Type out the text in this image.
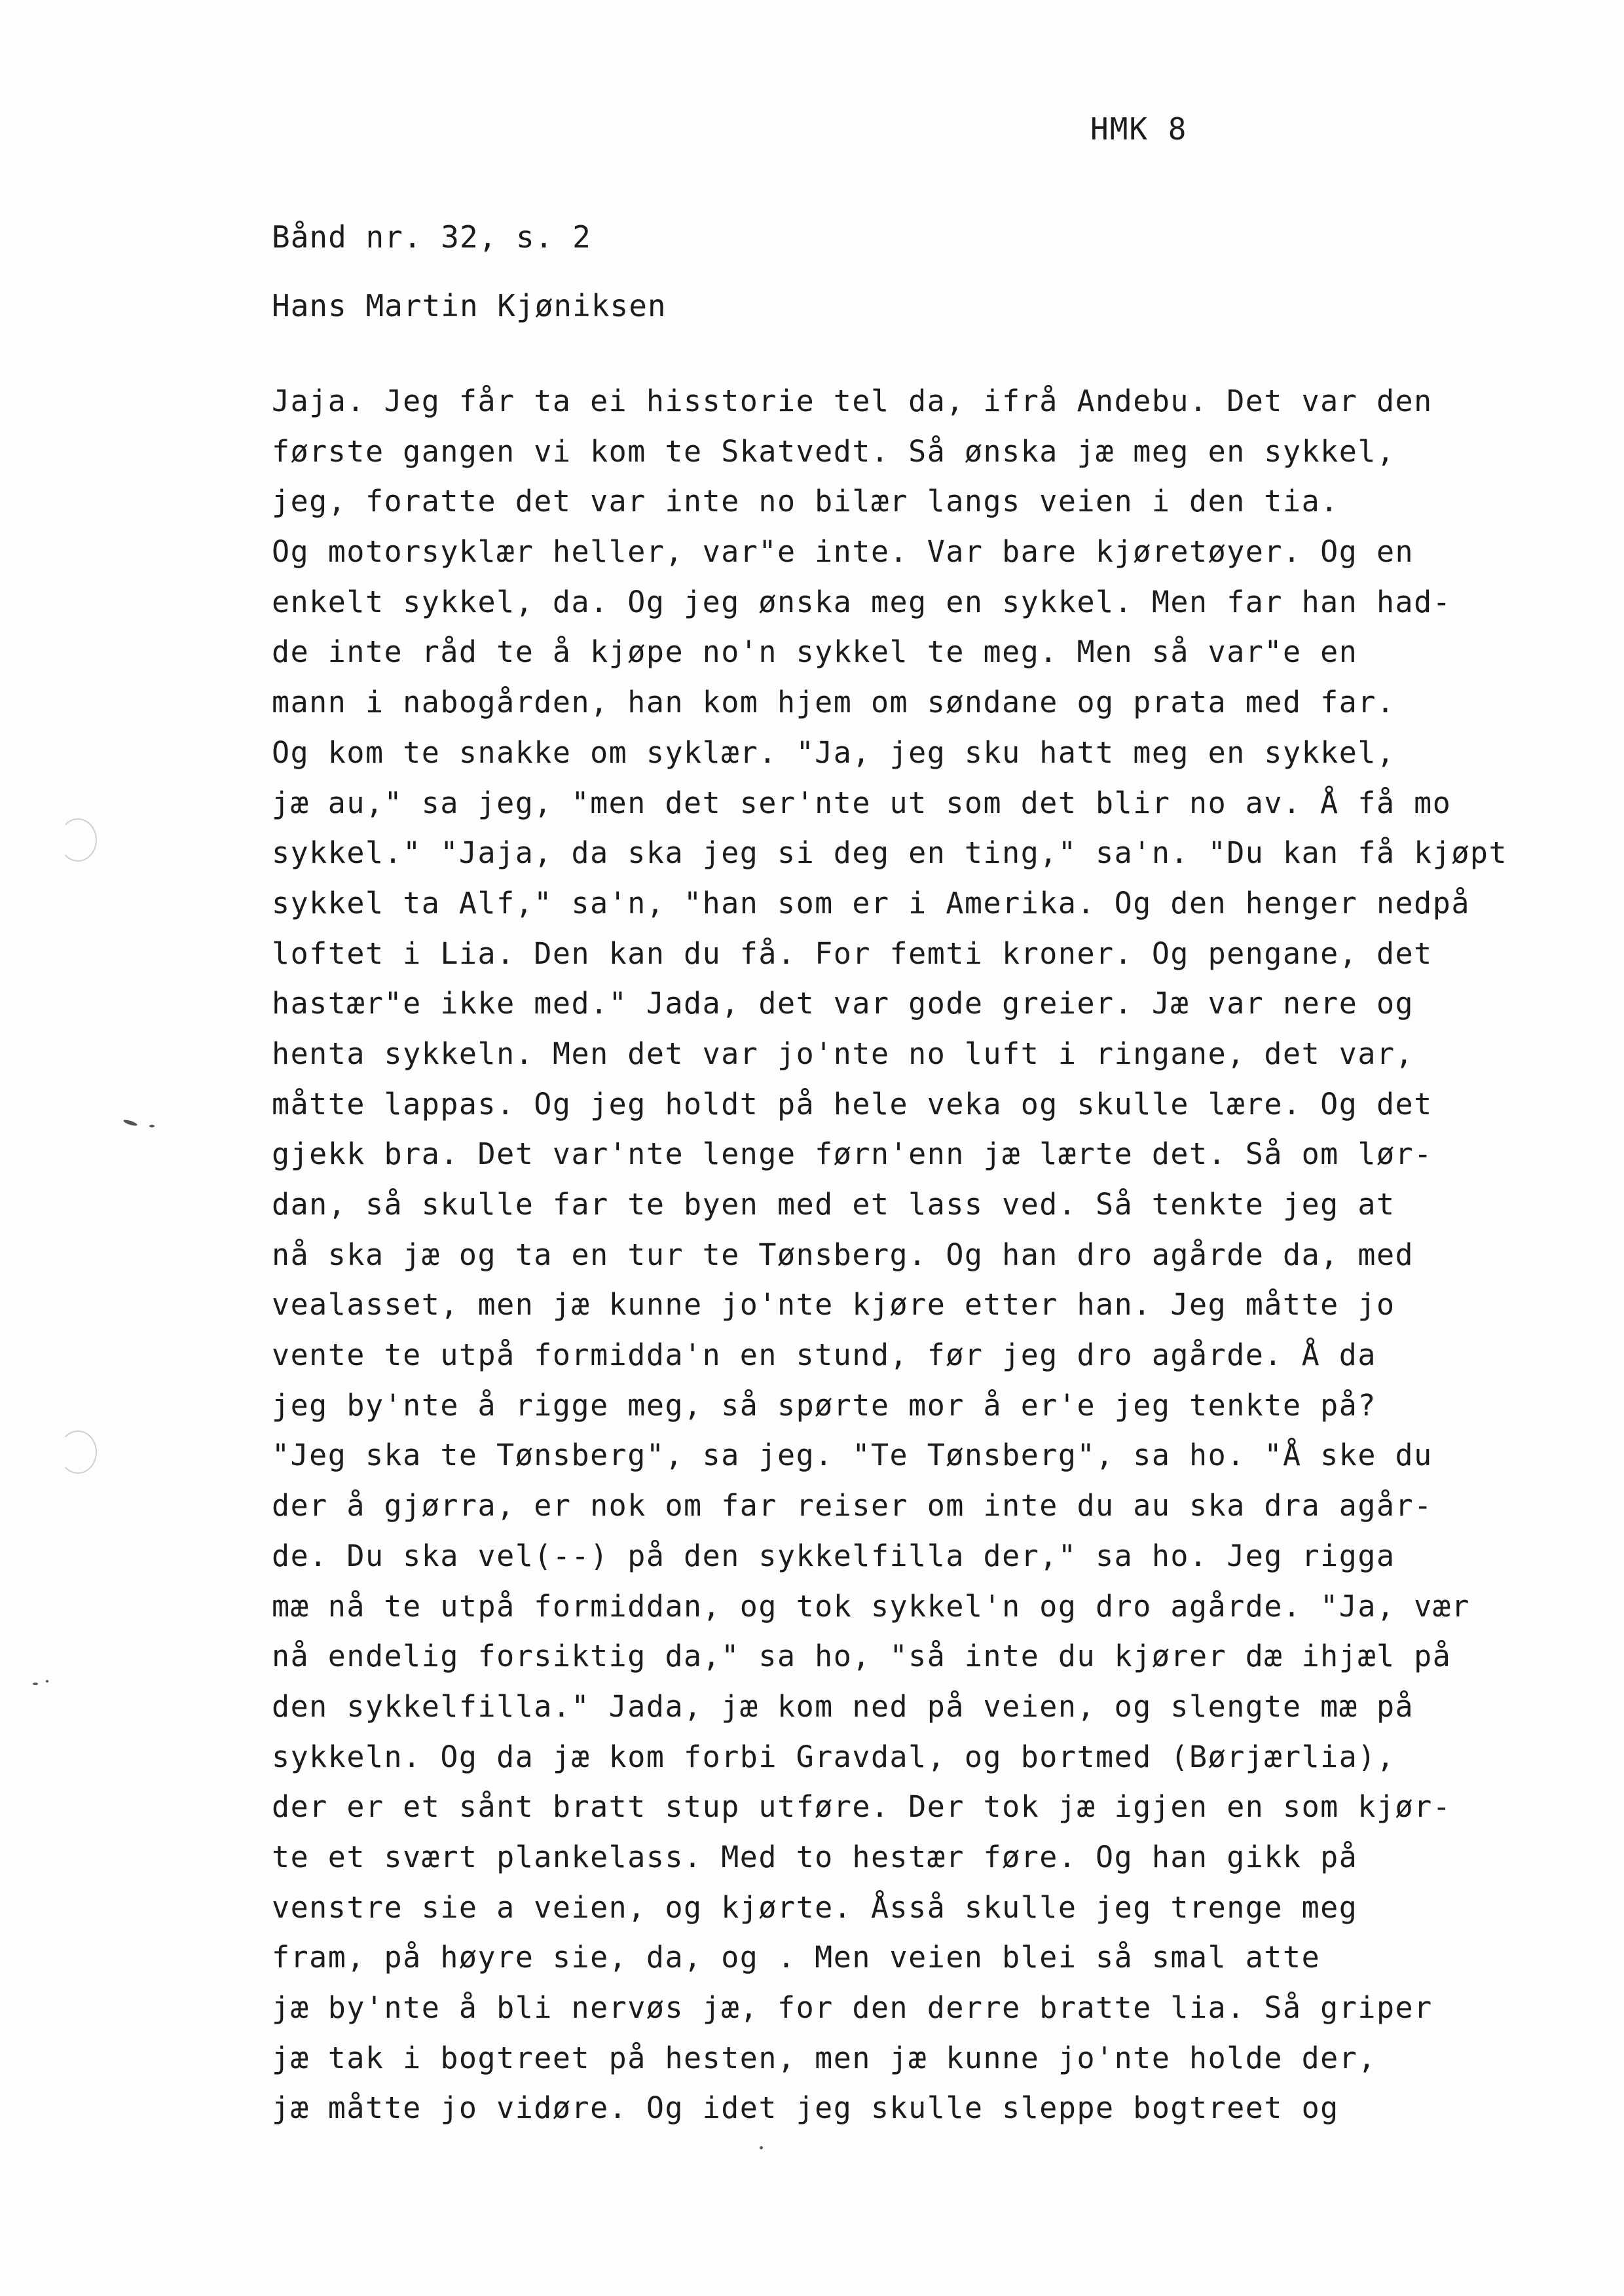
HMK 8
Bånd nr. 32, s. 2
Hans Martin Kjøniksen
Jaja. Jeg får ta ei hisstorie tel da, ifrå Andebu. Det var den
første gangen vi kom te Skatvedt. Så ønska jæ meg en sykkel,
jeg, foratte det var inte no bilær langs veien i den tia.
Og motorsyklær heller, var"e inte. Var bare kjøretøyer. Og en
enkelt sykkel, da. Og jeg ønska meg en sykkel. Men far han had-
de inte råd te å kjøpe no'n sykkel te meg. Men så var"e en
mann i nabogården, han kom hjem om søndane og prata med far.
Og kom te snakke om syklær. "Ja, jeg sku hatt meg en sykkel,
jæ au," sa jeg, "men det ser'nte ut som det blir no av. Å få mo
sykkel." "Jaja, da ska jeg si deg en ting," sa'n. "Du kan få kjøpt
sykkel ta Alf," sa'n, "han som er i Amerika. Og den henger nedpå
loftet i Lia. Den kan du få. For femti kroner. Og pengane, det
hastær"e ikke med." Jada, det var gode greier. Jæ var nere og
henta sykkeln. Men det var jo'nte no luft i ringane, det var,
måtte lappas. Og jeg holdt på hele veka og skulle lære. Og det
gjekk bra. Det var'nte lenge førn'enn jæ lærte det. Så om lør-
dan, så skulle far te byen med et lass ved. Så tenkte jeg at
nå ska jæ og ta en tur te Tønsberg. Og han dro agårde da, med
vealasset, men jæ kunne jo'nte kjøre etter han. Jeg måtte jo
vente te utpå formidda'n en stund, før jeg dro agårde. Å da
jeg by'nte å rigge meg, så spørte mor å er'e jeg tenkte på?
"Jeg ska te Tønsberg", sa jeg. "Te Tønsberg", sa ho. "Å ske du
der å gjørra, er nok om far reiser om inte du au ska dra agår-
de. Du ska vel(--) på den sykkelfilla der," sa ho. Jeg rigga
mæ nå te utpå formiddan, og tok sykkel'n og dro agårde. "Ja, vær
nå endelig forsiktig da," sa ho, "så inte du kjører dæ ihjæl på
den sykkelfilla." Jada, jæ kom ned på veien, og slengte mæ på
sykkeln. Og da jæ kom forbi Gravdal, og bortmed (Børjærlia),
der er et sånt bratt stup utføre. Der tok jæ igjen en som kjør-
te et svært plankelass. Med to hestær føre. Og han gikk på
venstre sie a veien, og kjørte. Åsså skulle jeg trenge meg
fram, på høyre sie, da, og . Men veien blei så smal atte
jæ by'nte å bli nervøs jæ, for den derre bratte lia. Så griper
jæ tak i bogtreet på hesten, men jæ kunne jo'nte holde der,
jæ måtte jo vidøre. Og idet jeg skulle sleppe bogtreet og
